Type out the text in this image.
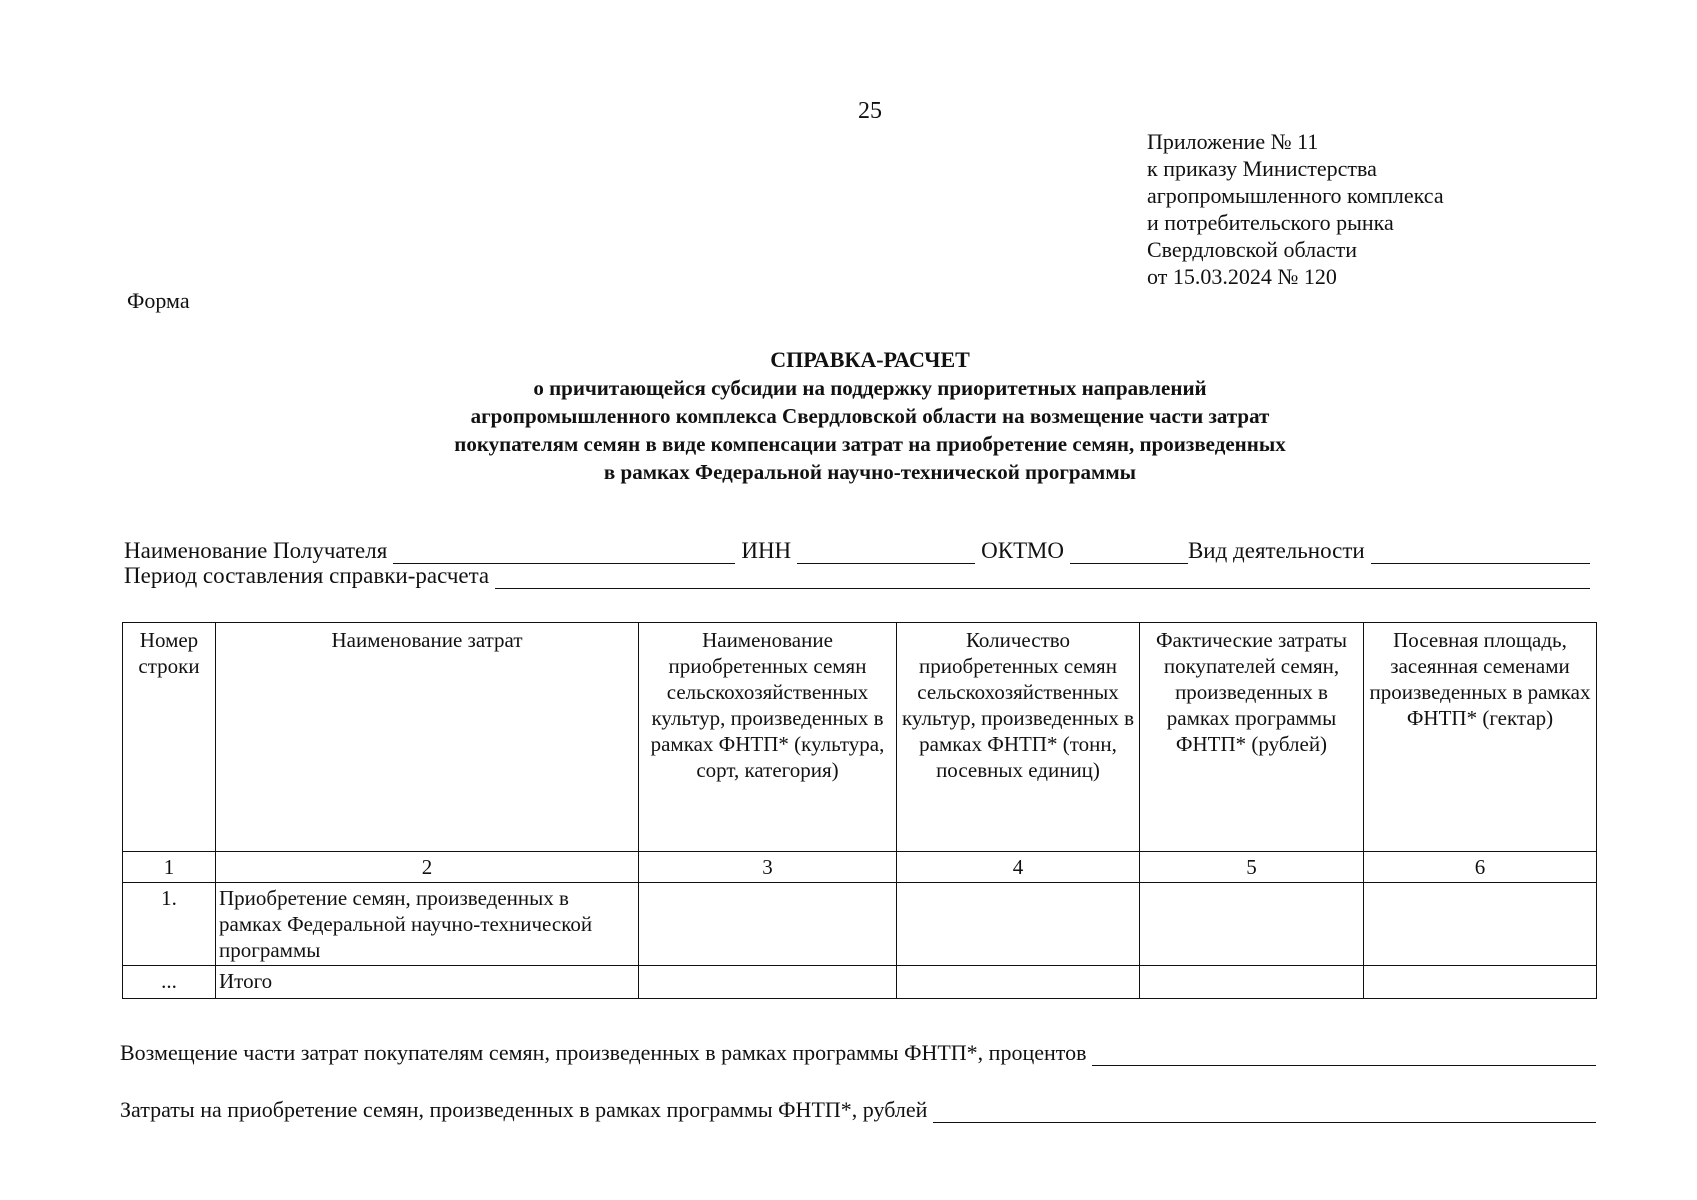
25
Приложение № 11
к приказу Министерства
агропромышленного комплекса
и потребительского рынка
Свердловской области
от 15.03.2024 № 120
Форма
СПРАВКА-РАСЧЕТ
о причитающейся субсидии на поддержку приоритетных направлений
агропромышленного комплекса Свердловской области на возмещение части затрат
покупателям семян в виде компенсации затрат на приобретение семян, произведенных
в рамках Федеральной научно-технической программы
Наименование Получателя	ИНН	ОКТМО	Вид деятельности
Период составления справки-расчета
Номер строки	Наименование затрат	Наименование приобретенных семян сельскохозяйственных культур, произведенных в рамках ФНТП* (культура, сорт, категория)	Количество приобретенных семян сельскохозяйственных культур, произведенных в рамках ФНТП* (тонн, посевных единиц)	Фактические затраты покупателей семян, произведенных в рамках программы ФНТП* (рублей)	Посевная площадь, засеянная семенами произведенных в рамках ФНТП* (гектар)
1	2	3	4	5	6
1.	Приобретение семян, произведенных в рамках Федеральной научно-технической программы				
...	Итого				
Возмещение части затрат покупателям семян, произведенных в рамках программы ФНТП*, процентов
Затраты на приобретение семян, произведенных в рамках программы ФНТП*, рублей
